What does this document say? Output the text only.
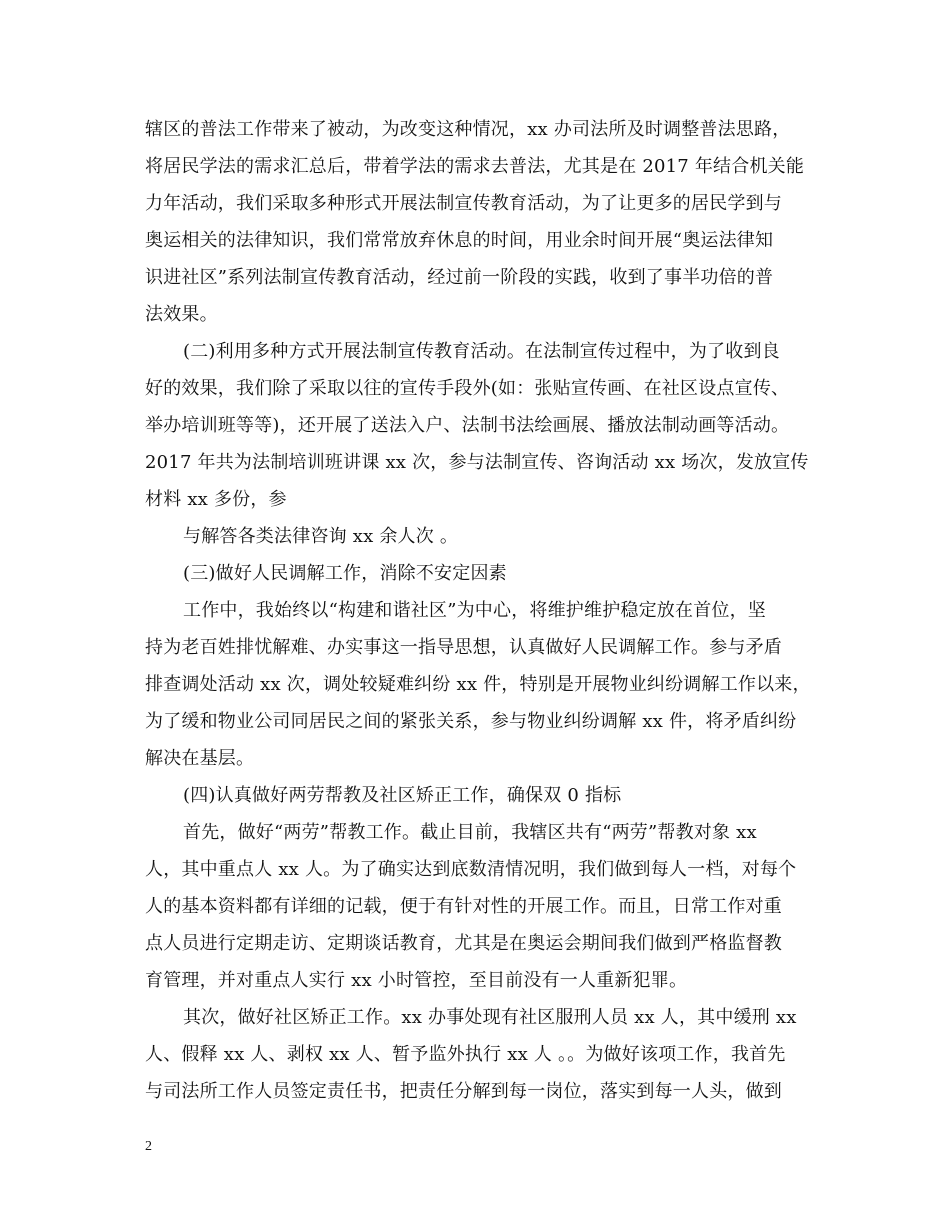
辖区的普法工作带来了被动，为改变这种情况，xx 办司法所及时调整普法思路，
将居民学法的需求汇总后，带着学法的需求去普法，尤其是在 2017 年结合机关能
力年活动，我们采取多种形式开展法制宣传教育活动，为了让更多的居民学到与
奥运相关的法律知识，我们常常放弃休息的时间，用业余时间开展“奥运法律知
识进社区”系列法制宣传教育活动，经过前一阶段的实践，收到了事半功倍的普
法效果。
(二)利用多种方式开展法制宣传教育活动。在法制宣传过程中，为了收到良
好的效果，我们除了采取以往的宣传手段外(如：张贴宣传画、在社区设点宣传、
举办培训班等等)，还开展了送法入户、法制书法绘画展、播放法制动画等活动。
2017 年共为法制培训班讲课 xx 次，参与法制宣传、咨询活动 xx 场次，发放宣传
材料 xx 多份，参
与解答各类法律咨询 xx 余人次 。
(三)做好人民调解工作，消除不安定因素
工作中，我始终以“构建和谐社区”为中心，将维护维护稳定放在首位，坚
持为老百姓排忧解难、办实事这一指导思想，认真做好人民调解工作。参与矛盾
排查调处活动 xx 次，调处较疑难纠纷 xx 件，特别是开展物业纠纷调解工作以来，
为了缓和物业公司同居民之间的紧张关系，参与物业纠纷调解 xx 件，将矛盾纠纷
解决在基层。
(四)认真做好两劳帮教及社区矫正工作，确保双 0 指标
首先，做好“两劳”帮教工作。截止目前，我辖区共有“两劳”帮教对象 xx
人，其中重点人 xx 人。为了确实达到底数清情况明，我们做到每人一档，对每个
人的基本资料都有详细的记载，便于有针对性的开展工作。而且，日常工作对重
点人员进行定期走访、定期谈话教育，尤其是在奥运会期间我们做到严格监督教
育管理，并对重点人实行 xx 小时管控，至目前没有一人重新犯罪。
其次，做好社区矫正工作。xx 办事处现有社区服刑人员 xx 人，其中缓刑 xx
人、假释 xx 人、剥权 xx 人、暂予监外执行 xx 人 。。为做好该项工作，我首先
与司法所工作人员签定责任书，把责任分解到每一岗位，落实到每一人头，做到
2
